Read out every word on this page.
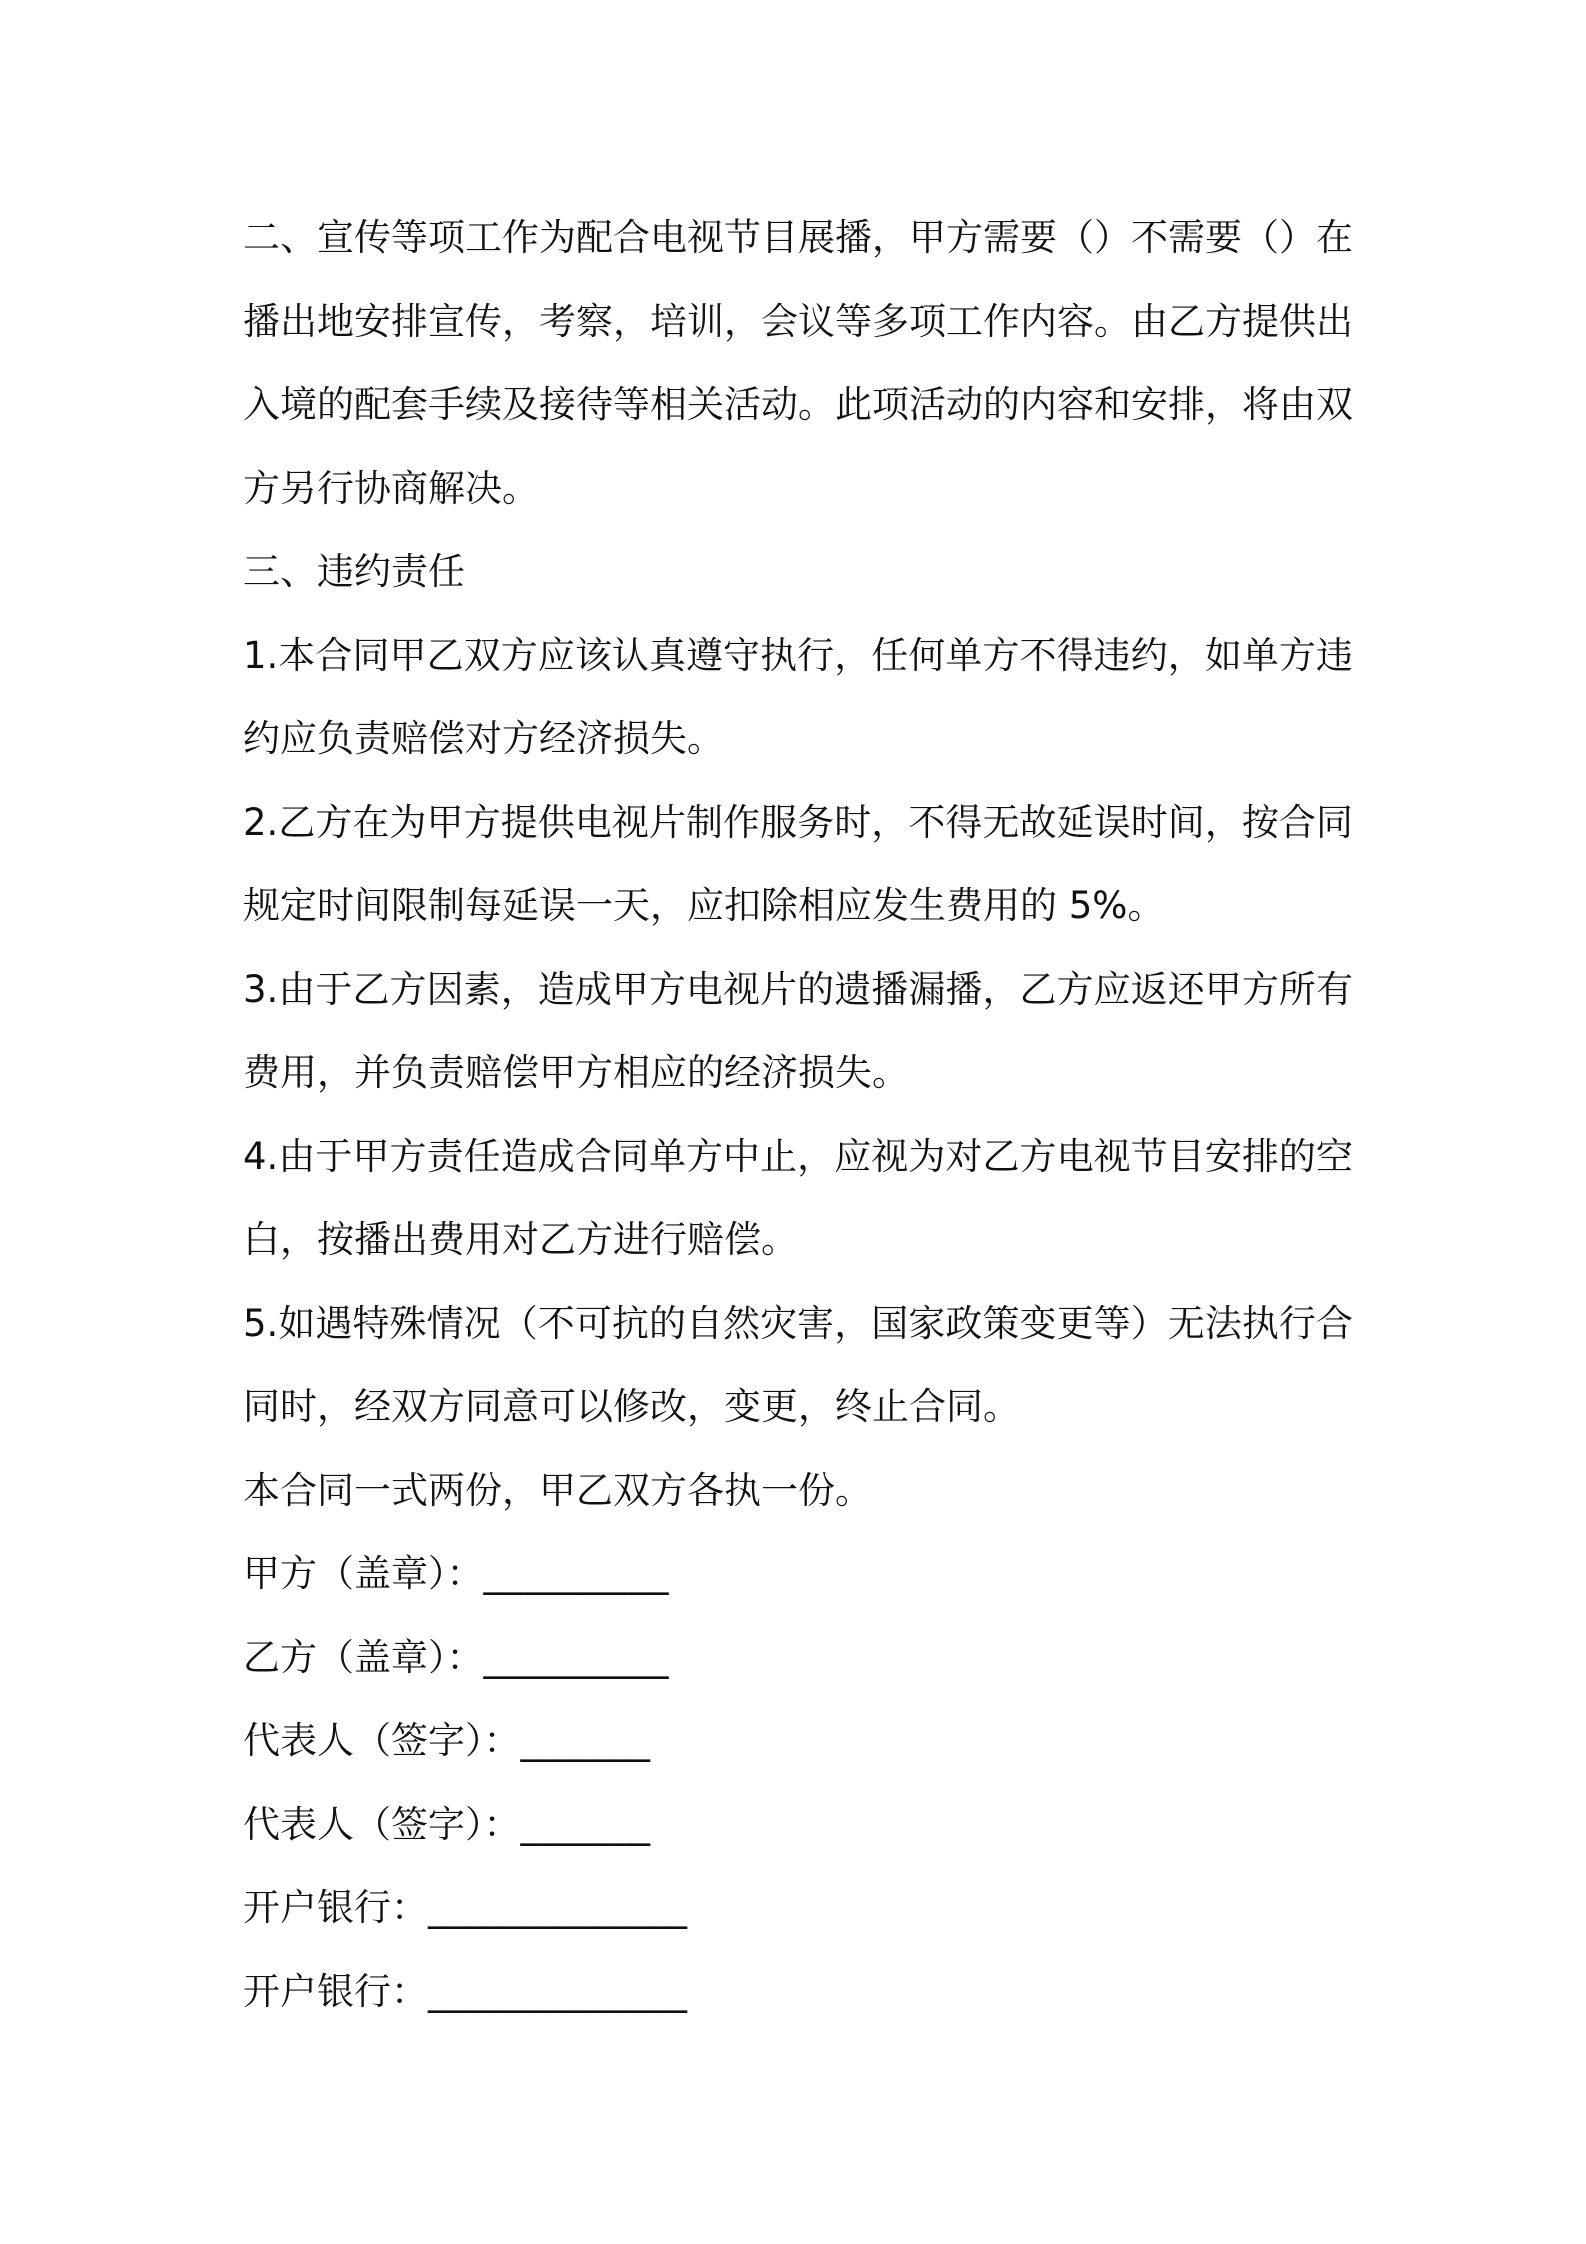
二、宣传等项工作为配合电视节目展播，甲方需要（）不需要（）在
播出地安排宣传，考察，培训，会议等多项工作内容。由乙方提供出
入境的配套手续及接待等相关活动。此项活动的内容和安排，将由双
方另行协商解决。
三、违约责任
1.本合同甲乙双方应该认真遵守执行，任何单方不得违约，如单方违
约应负责赔偿对方经济损失。
2.乙方在为甲方提供电视片制作服务时，不得无故延误时间，按合同
规定时间限制每延误一天，应扣除相应发生费用的 5%。
3.由于乙方因素，造成甲方电视片的遗播漏播，乙方应返还甲方所有
费用，并负责赔偿甲方相应的经济损失。
4.由于甲方责任造成合同单方中止，应视为对乙方电视节目安排的空
白，按播出费用对乙方进行赔偿。
5.如遇特殊情况（不可抗的自然灾害，国家政策变更等）无法执行合
同时，经双方同意可以修改，变更，终止合同。
本合同一式两份，甲乙双方各执一份。
甲方（盖章）：__________
乙方（盖章）：__________
代表人（签字）：_______
代表人（签字）：_______
开户银行：______________
开户银行：______________
